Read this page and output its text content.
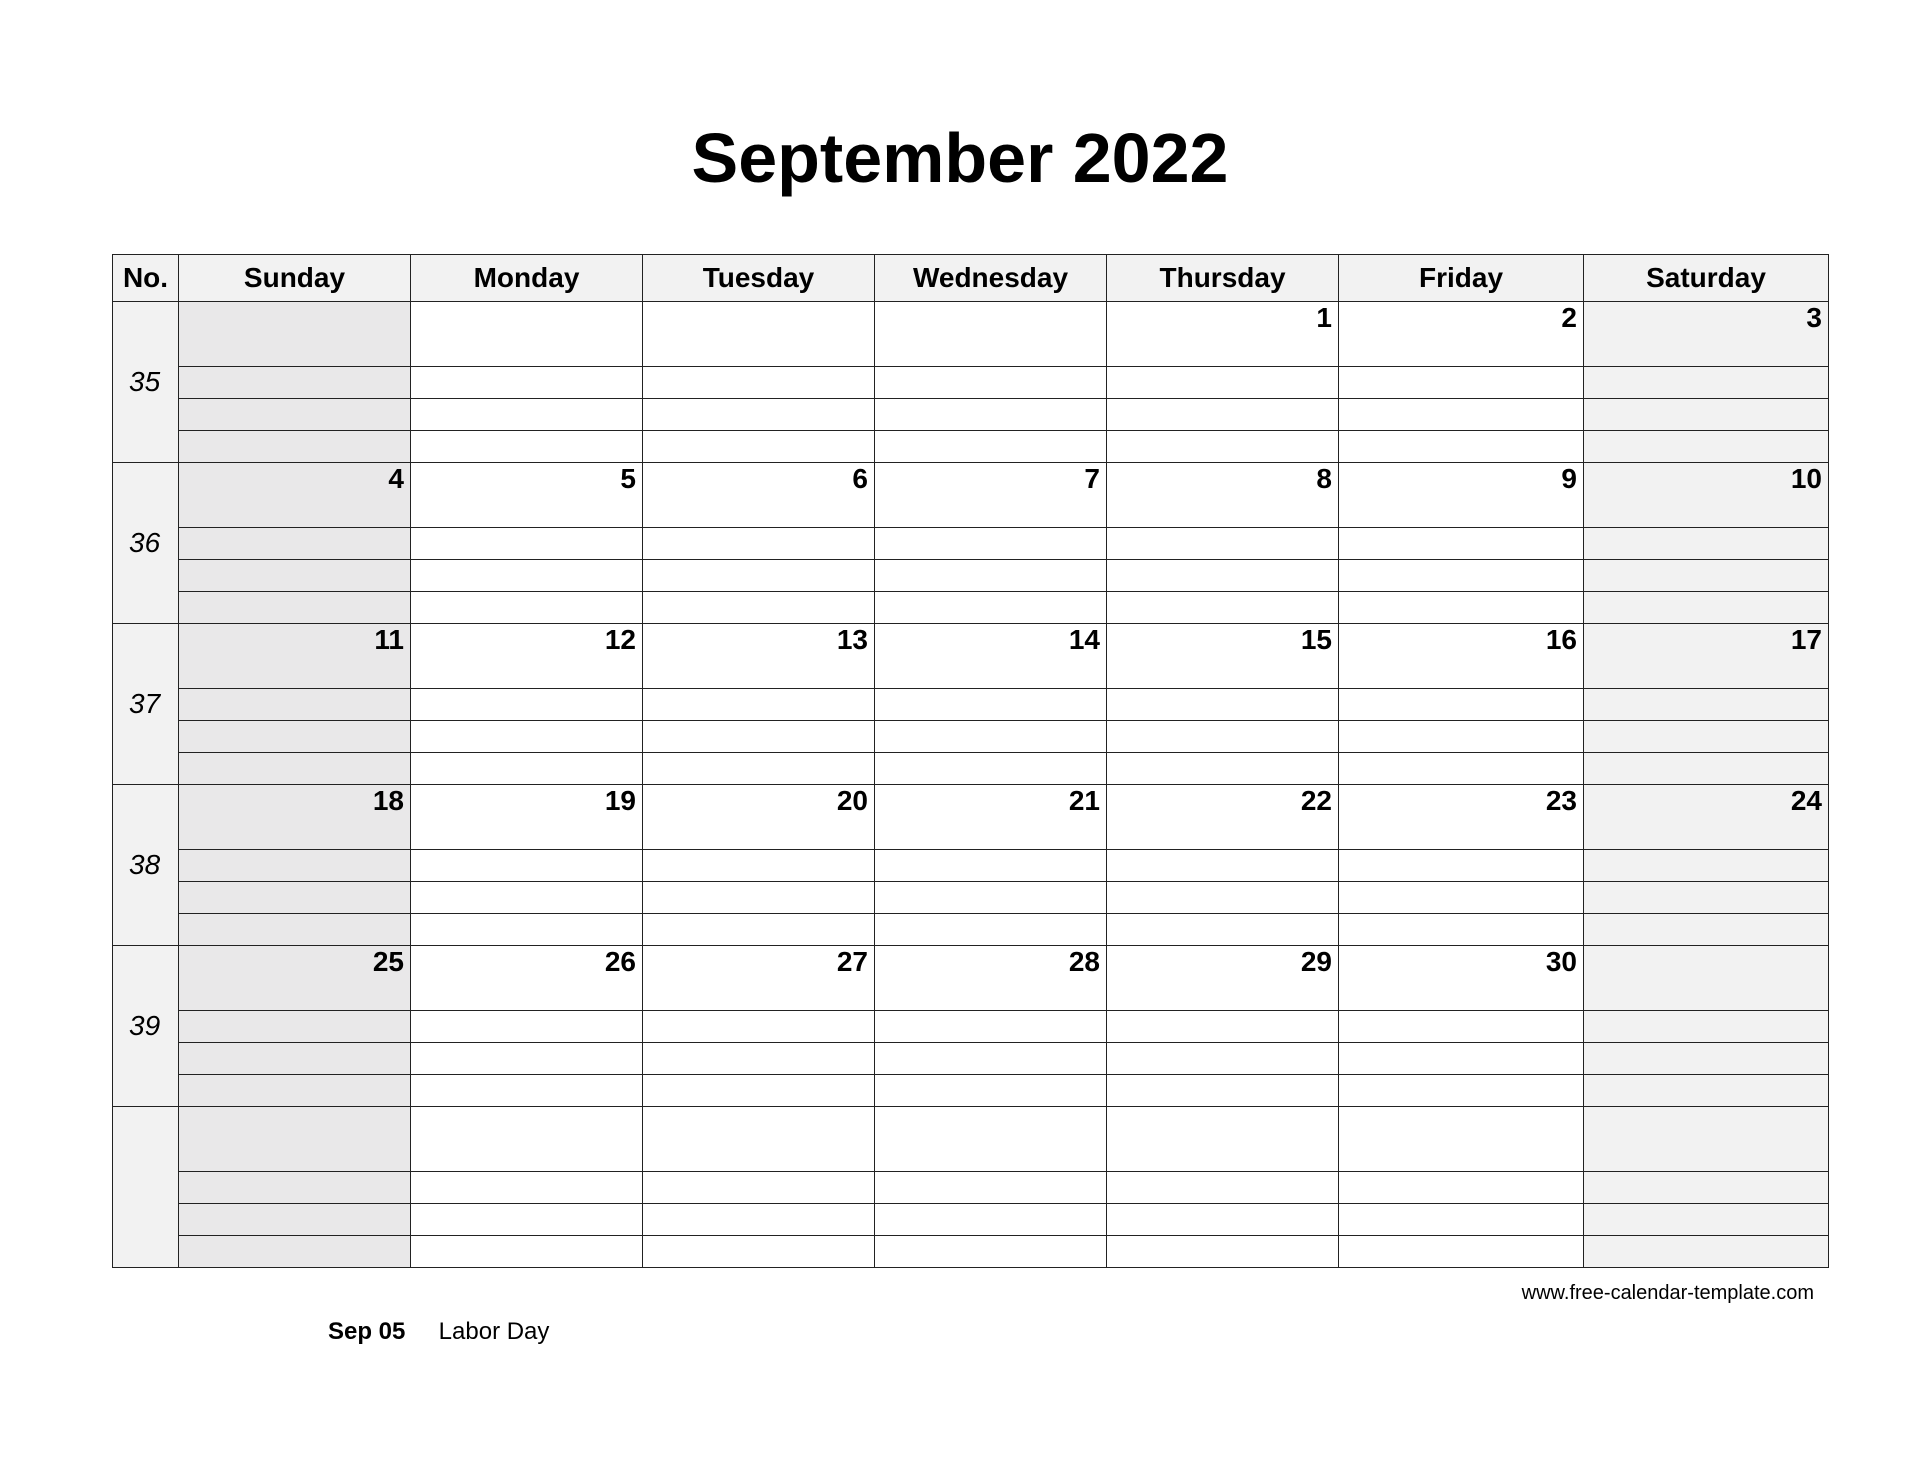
September 2022
No.	Sunday	Monday	Tuesday	Wednesday	Thursday	Friday	Saturday
35					1	2	3

36	4	5	6	7	8	9	10

37	11	12	13	14	15	16	17

38	18	19	20	21	22	23	24

39	25	26	27	28	29	30	

www.free-calendar-template.com
Sep 05 Labor Day
